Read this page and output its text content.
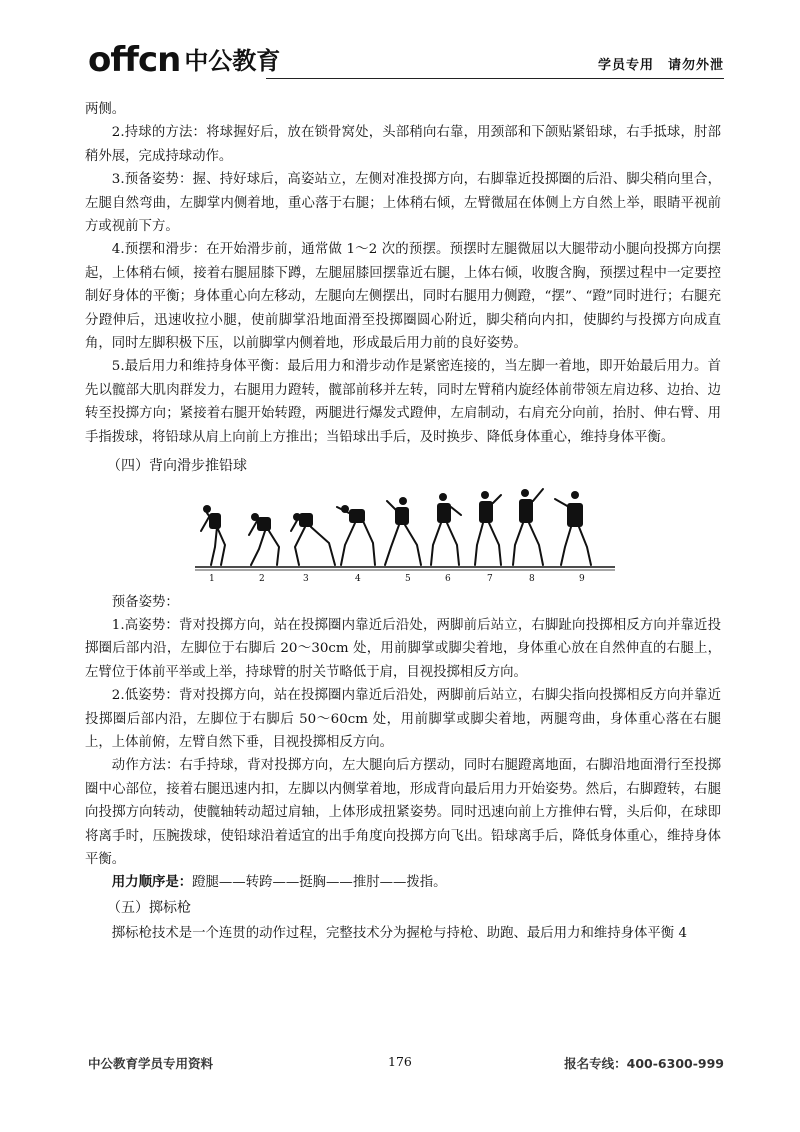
offcn 中公教育	学员专用　请勿外泄

两侧。

2.持球的方法：将球握好后，放在锁骨窝处，头部稍向右靠，用颈部和下颌贴紧铅球，右手抵球，肘部稍外展，完成持球动作。

3.预备姿势：握、持好球后，高姿站立，左侧对准投掷方向，右脚靠近投掷圈的后沿、脚尖稍向里合，左腿自然弯曲，左脚掌内侧着地，重心落于右腿；上体稍右倾，左臂微屈在体侧上方自然上举，眼睛平视前方或视前下方。

4.预摆和滑步：在开始滑步前，通常做 1～2 次的预摆。预摆时左腿微屈以大腿带动小腿向投掷方向摆起，上体稍右倾，接着右腿屈膝下蹲，左腿屈膝回摆靠近右腿，上体右倾，收腹含胸，预摆过程中一定要控制好身体的平衡；身体重心向左移动，左腿向左侧摆出，同时右腿用力侧蹬，“摆”、“蹬”同时进行；右腿充分蹬伸后，迅速收拉小腿，使前脚掌沿地面滑至投掷圈圆心附近，脚尖稍向内扣，使脚约与投掷方向成直角，同时左脚积极下压，以前脚掌内侧着地，形成最后用力前的良好姿势。

5.最后用力和维持身体平衡：最后用力和滑步动作是紧密连接的，当左脚一着地，即开始最后用力。首先以髋部大肌肉群发力，右腿用力蹬转，髋部前移并左转，同时左臂稍内旋经体前带领左肩边移、边抬、边转至投掷方向；紧接着右腿开始转蹬，两腿进行爆发式蹬伸，左肩制动，右肩充分向前，抬肘、伸右臂、用手指拨球，将铅球从肩上向前上方推出；当铅球出手后，及时换步、降低身体重心，维持身体平衡。

（四）背向滑步推铅球
1	2	3	4	5	6	7	8	9

预备姿势：

1.高姿势：背对投掷方向，站在投掷圈内靠近后沿处，两脚前后站立，右脚趾向投掷相反方向并靠近投掷圈后部内沿，左脚位于右脚后 20～30cm 处，用前脚掌或脚尖着地，身体重心放在自然伸直的右腿上，左臂位于体前平举或上举，持球臂的肘关节略低于肩，目视投掷相反方向。

2.低姿势：背对投掷方向，站在投掷圈内靠近后沿处，两脚前后站立，右脚尖指向投掷相反方向并靠近投掷圈后部内沿，左脚位于右脚后 50～60cm 处，用前脚掌或脚尖着地，两腿弯曲，身体重心落在右腿上，上体前俯，左臂自然下垂，目视投掷相反方向。

动作方法：右手持球，背对投掷方向，左大腿向后方摆动，同时右腿蹬离地面，右脚沿地面滑行至投掷圈中心部位，接着右腿迅速内扣，左脚以内侧掌着地，形成背向最后用力开始姿势。然后，右脚蹬转，右腿向投掷方向转动，使髋轴转动超过肩轴，上体形成扭紧姿势。同时迅速向前上方推伸右臂，头后仰，在球即将离手时，压腕拨球，使铅球沿着适宜的出手角度向投掷方向飞出。铅球离手后，降低身体重心，维持身体平衡。

用力顺序是：蹬腿——转跨——挺胸——推肘——拨指。

（五）掷标枪

掷标枪技术是一个连贯的动作过程，完整技术分为握枪与持枪、助跑、最后用力和维持身体平衡 4

中公教育学员专用资料	176	报名专线：400-6300-999
